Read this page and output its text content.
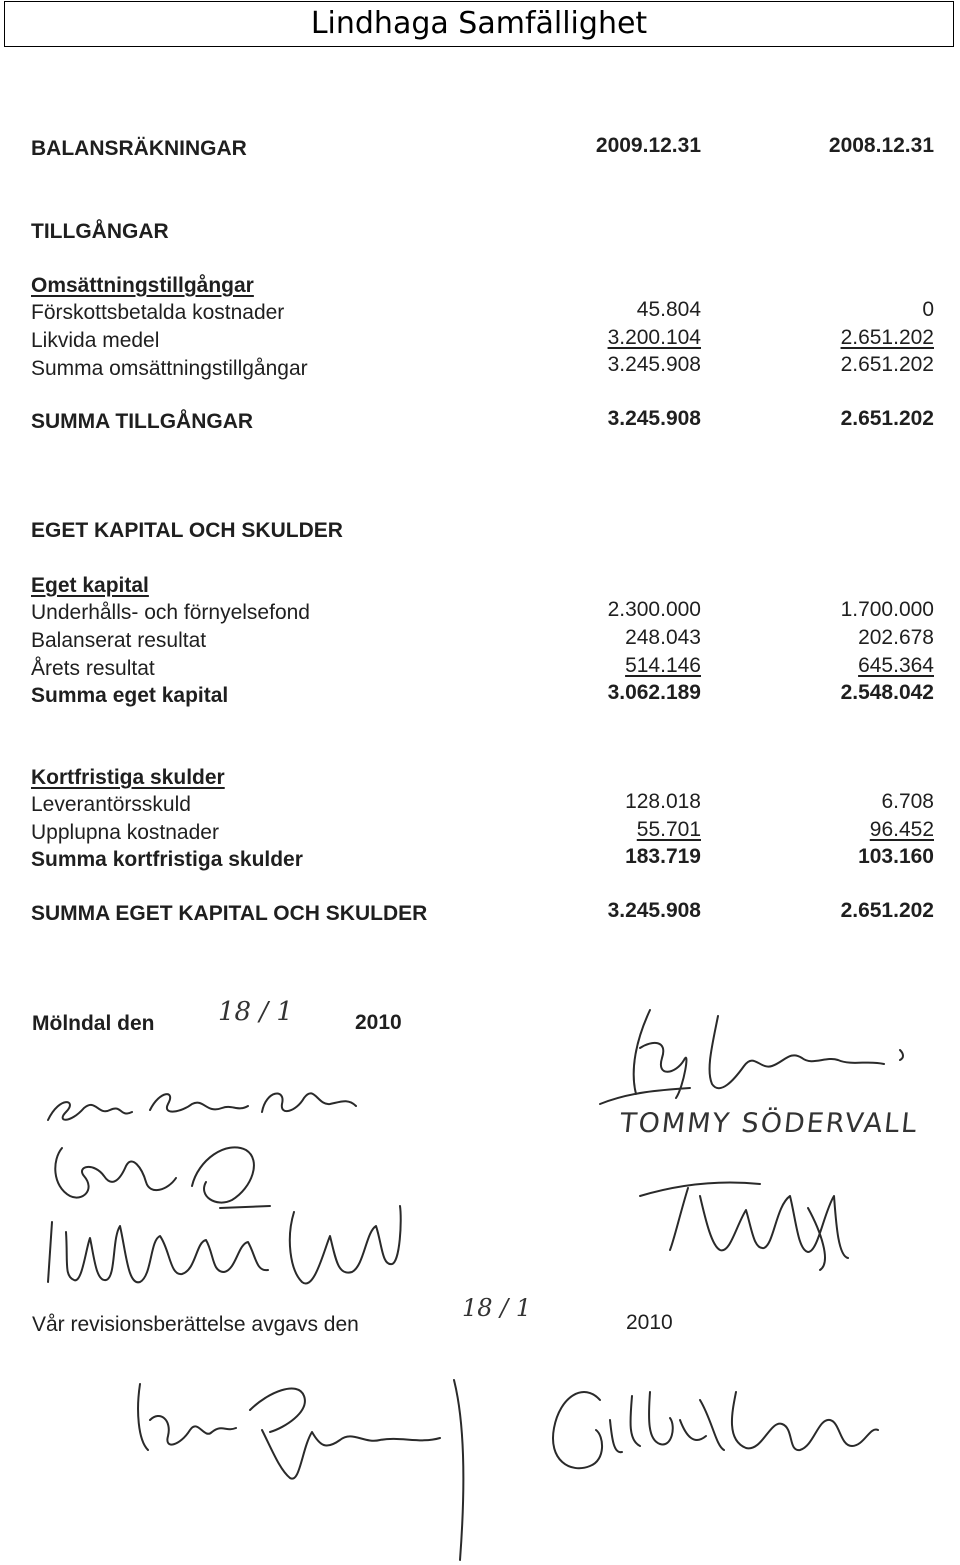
Lindhaga Samfällighet
BALANSRÄKNINGAR	2009.12.31	2008.12.31
TILLGÅNGAR
Omsättningstillgångar
Förskottsbetalda kostnader	45.804	0
Likvida medel	3.200.104	2.651.202
Summa omsättningstillgångar	3.245.908	2.651.202
SUMMA TILLGÅNGAR	3.245.908	2.651.202
EGET KAPITAL OCH SKULDER
Eget kapital
Underhålls- och förnyelsefond	2.300.000	1.700.000
Balanserat resultat	248.043	202.678
Årets resultat	514.146	645.364
Summa eget kapital	3.062.189	2.548.042
Kortfristiga skulder
Leverantörsskuld	128.018	6.708
Upplupna kostnader	55.701	96.452
Summa kortfristiga skulder	183.719	103.160
SUMMA EGET KAPITAL OCH SKULDER	3.245.908	2.651.202
Mölndal den 18 / 1	2010
TOMMY SÖDERVALL
Vår revisionsberättelse avgavs den
18 / 1
2010
